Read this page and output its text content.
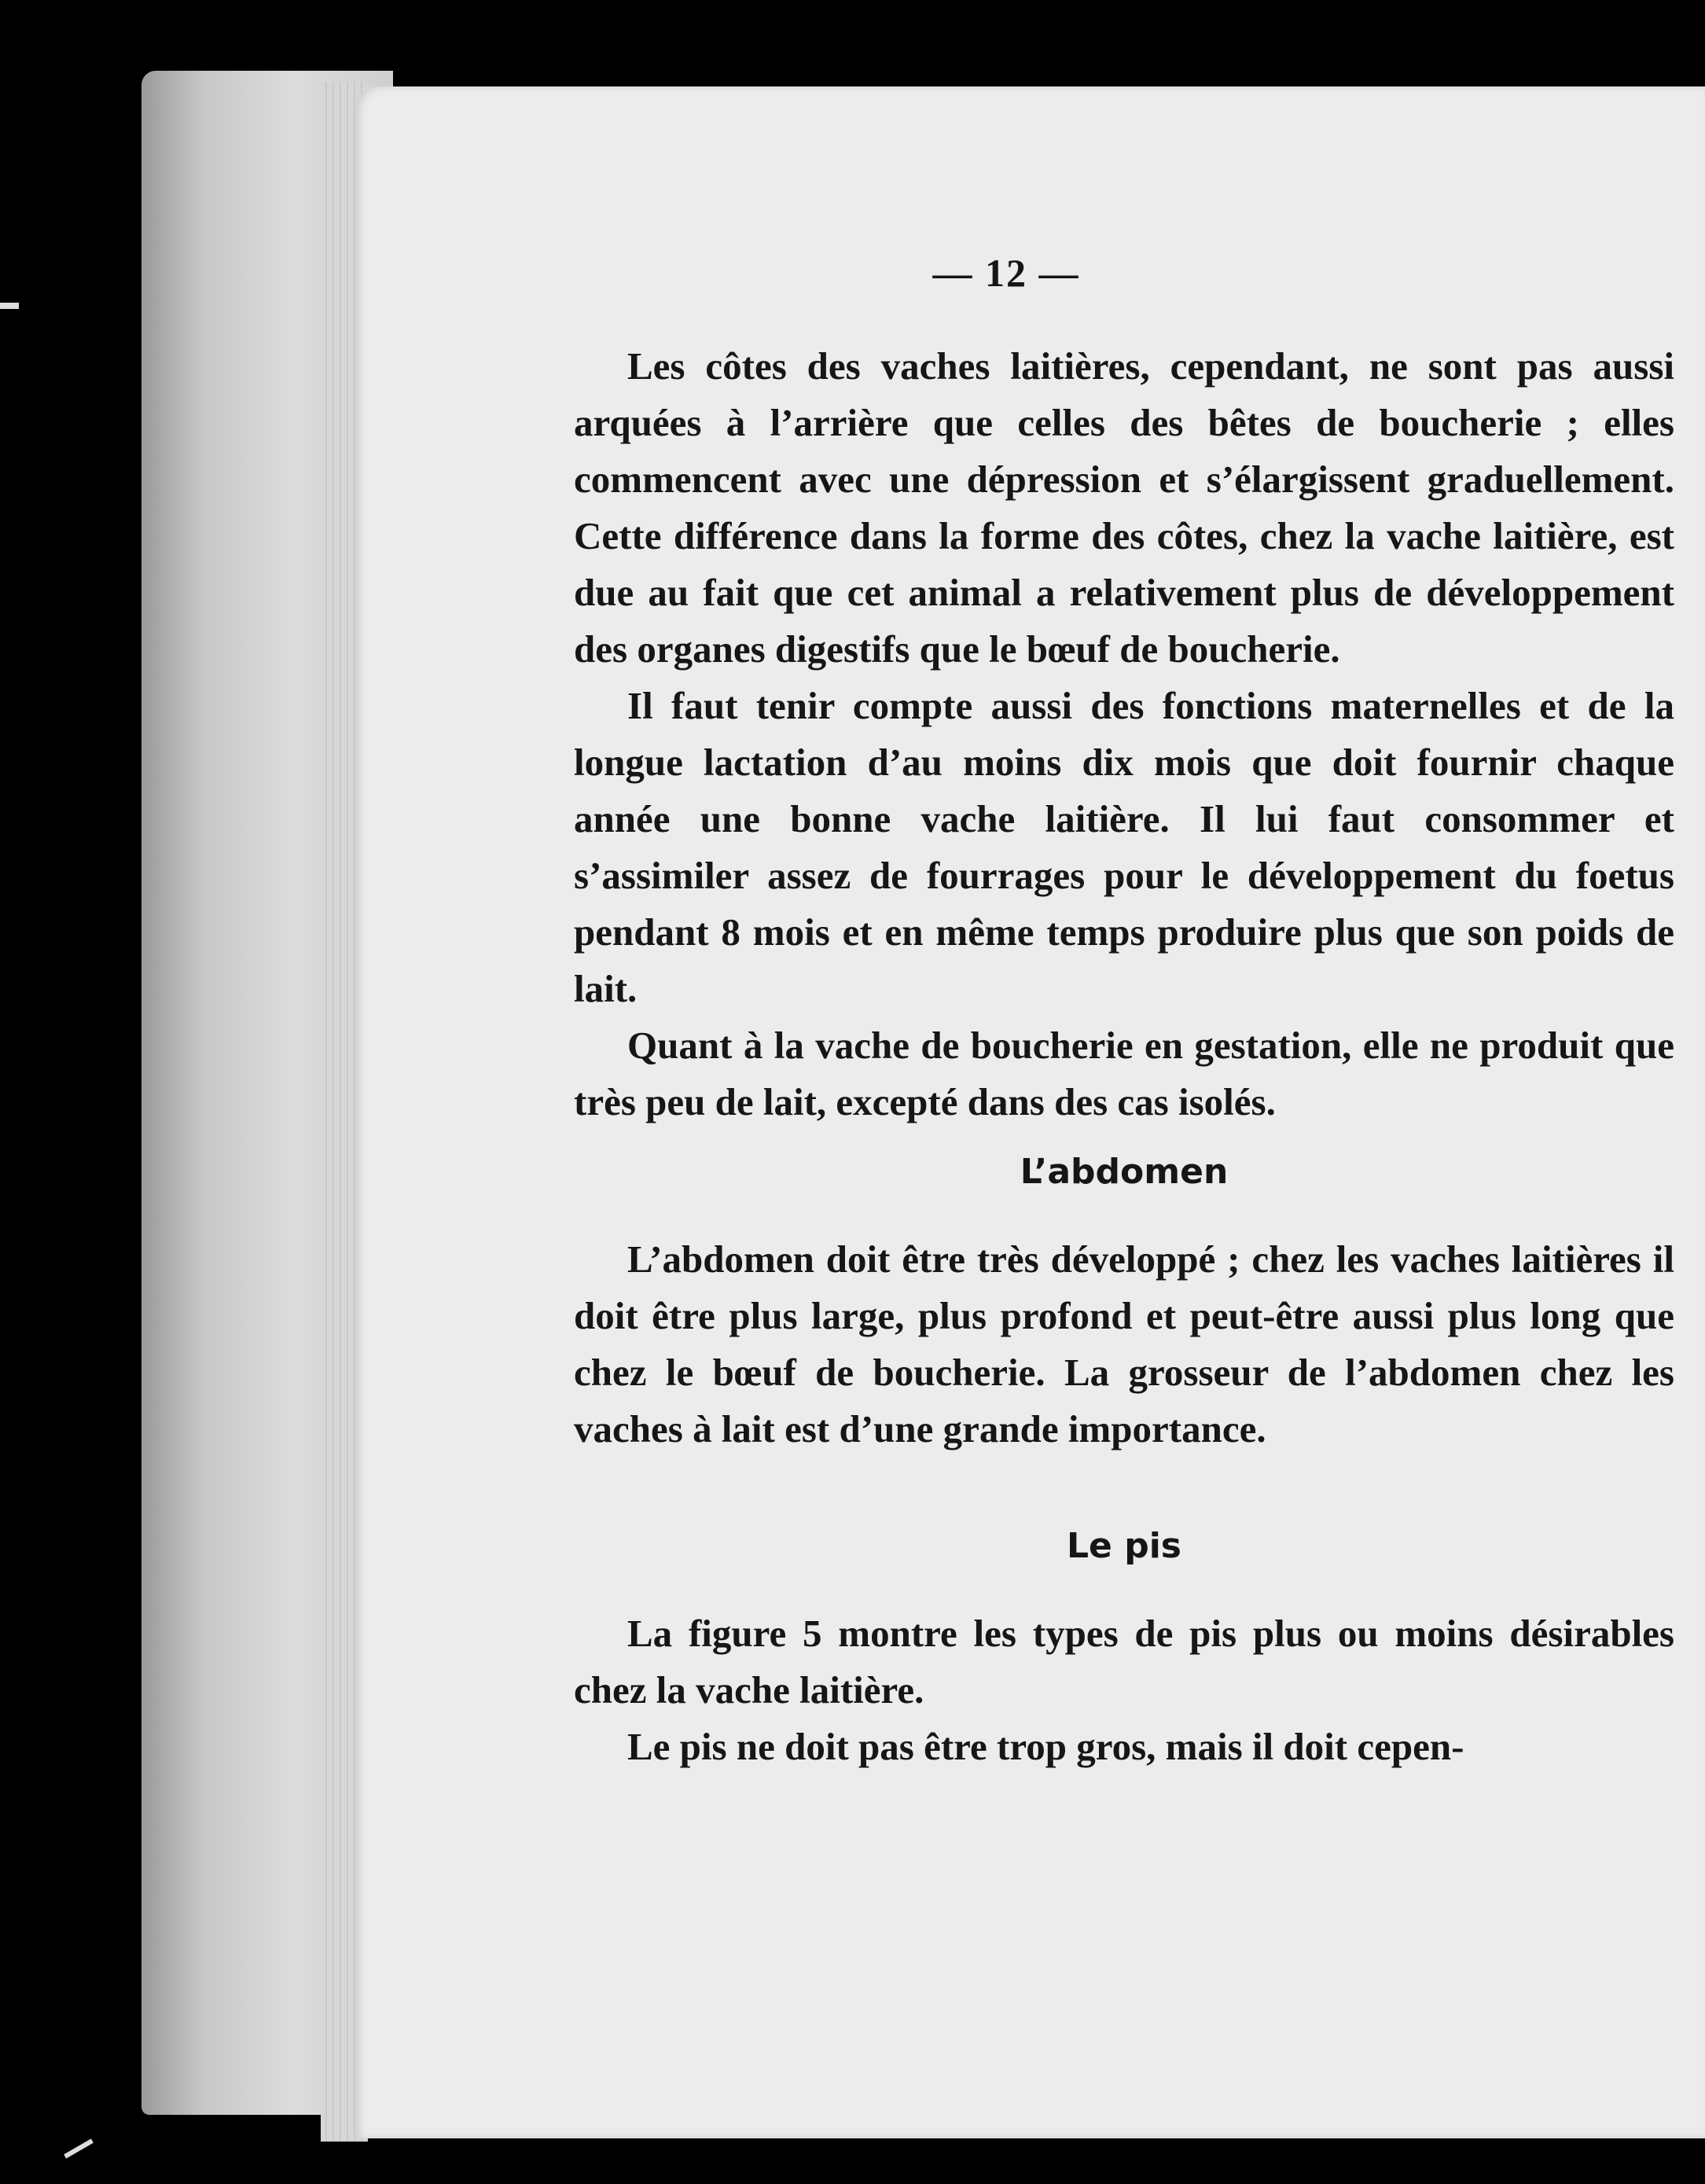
— 12 —

Les côtes des vaches laitières, cependant, ne sont pas aussi arquées à l’arrière que celles des bêtes de boucherie ; elles commencent avec une dépression et s’élargissent graduellement. Cette différence dans la forme des côtes, chez la vache laitière, est due au fait que cet animal a relativement plus de développement des organes digestifs que le bœuf de boucherie.

Il faut tenir compte aussi des fonctions maternelles et de la longue lactation d’au moins dix mois que doit fournir chaque année une bonne vache laitière. Il lui faut consommer et s’assimiler assez de fourrages pour le développement du foetus pendant 8 mois et en même temps produire plus que son poids de lait.

Quant à la vache de boucherie en gestation, elle ne produit que très peu de lait, excepté dans des cas isolés.

L’abdomen

L’abdomen doit être très développé ; chez les vaches laitières il doit être plus large, plus profond et peut-être aussi plus long que chez le bœuf de boucherie. La grosseur de l’abdomen chez les vaches à lait est d’une grande importance.

Le pis

La figure 5 montre les types de pis plus ou moins désirables chez la vache laitière.

Le pis ne doit pas être trop gros, mais il doit cepen-
